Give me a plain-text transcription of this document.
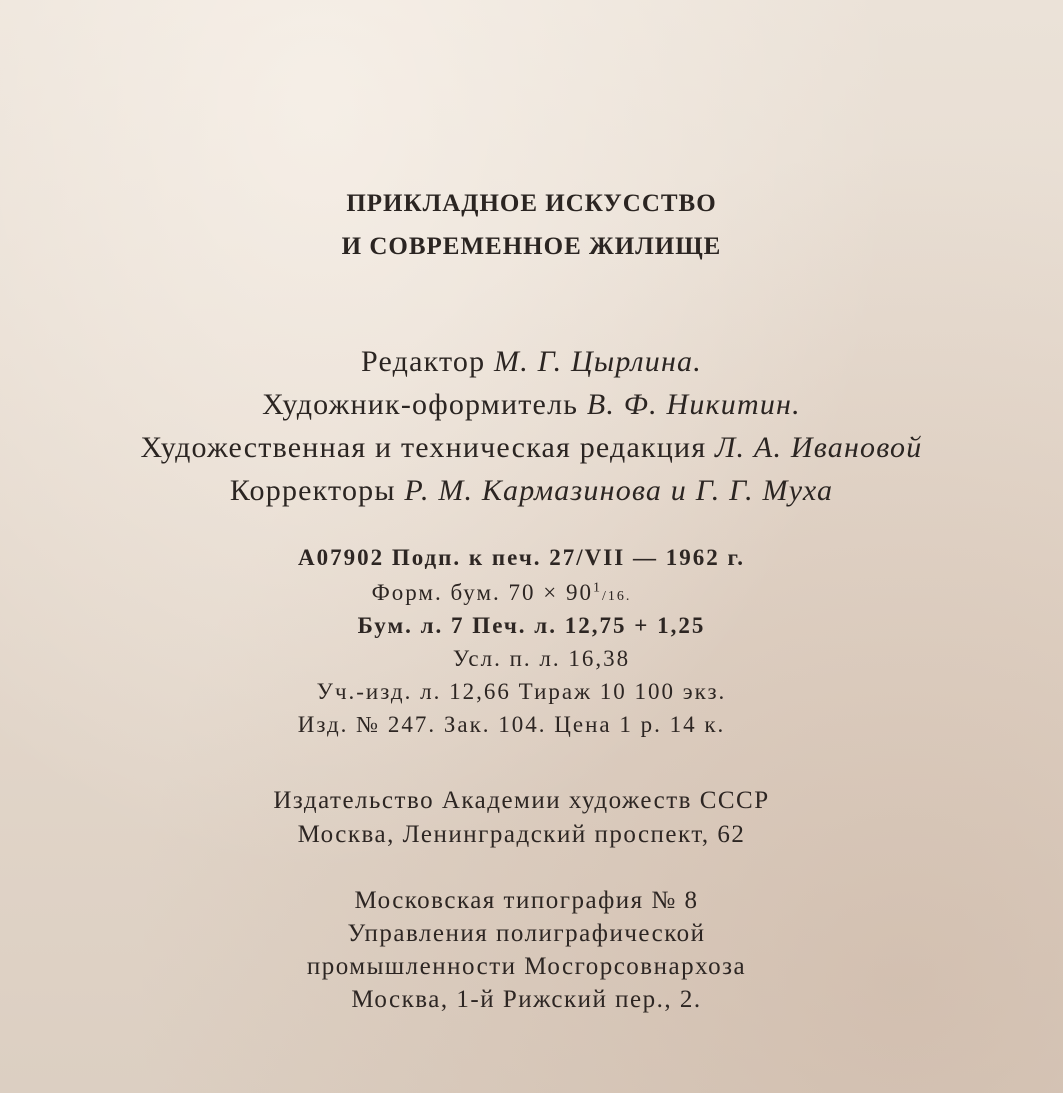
ПРИКЛАДНОЕ ИСКУССТВО
И СОВРЕМЕННОЕ ЖИЛИЩЕ
Редактор М. Г. Цырлина.
Художник-оформитель В. Ф. Никитин.
Художественная и техническая редакция Л. А. Ивановой
Корректоры Р. М. Кармазинова и Г. Г. Муха
А07902 Подп. к печ. 27/VII — 1962 г.
Форм. бум. $70 \times 90^1/16$.
Бум. л. 7 Печ. л. 12,75 + 1,25
Усл. п. л. 16,38
Уч.-изд. л. 12,66 Тираж 10 100 экз.
Изд. № 247. Зак. 104. Цена 1 р. 14 к.
Издательство Академии художеств СССР
Москва, Ленинградский проспект, 62
Московская типография № 8
Управления полиграфической
промышленности Мосгорсовнархоза
Москва, 1-й Рижский пер., 2.
